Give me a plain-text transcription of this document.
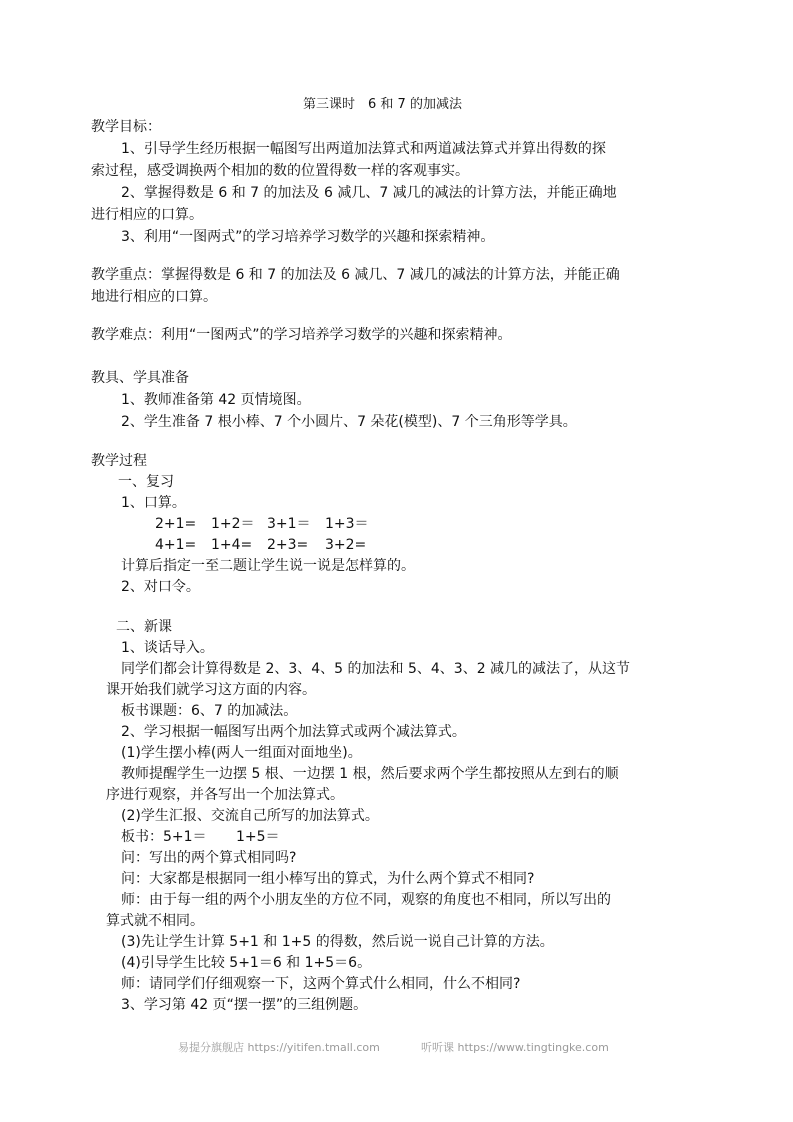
第三课时　6 和 7 的加减法
教学目标：
1、引导学生经历根据一幅图写出两道加法算式和两道减法算式并算出得数的探
索过程，感受调换两个相加的数的位置得数一样的客观事实。
2、掌握得数是 6 和 7 的加法及 6 减几、7 减几的减法的计算方法，并能正确地
进行相应的口算。
3、利用“一图两式”的学习培养学习数学的兴趣和探索精神。
教学重点：掌握得数是 6 和 7 的加法及 6 减几、7 减几的减法的计算方法，并能正确
地进行相应的口算。
教学难点：利用“一图两式”的学习培养学习数学的兴趣和探索精神。
教具、学具准备
1、教师准备第 42 页情境图。
2、学生准备 7 根小棒、7 个小圆片、7 朵花(模型)、7 个三角形等学具。
教学过程
一、复习
1、口算。
2+1= 1+2＝ 3+1＝ 1+3＝
4+1= 1+4= 2+3= 3+2=
计算后指定一至二题让学生说一说是怎样算的。
2、对口令。
二、新课
1、谈话导入。
同学们都会计算得数是 2、3、4、5 的加法和 5、4、3、2 减几的减法了，从这节
课开始我们就学习这方面的内容。
板书课题：6、7 的加减法。
2、学习根据一幅图写出两个加法算式或两个减法算式。
(1)学生摆小棒(两人一组面对面地坐)。
教师提醒学生一边摆 5 根、一边摆 1 根，然后要求两个学生都按照从左到右的顺
序进行观察，并各写出一个加法算式。
(2)学生汇报、交流自己所写的加法算式。
板书：5+1＝ 1+5＝
问：写出的两个算式相同吗?
问：大家都是根据同一组小棒写出的算式，为什么两个算式不相同?
师：由于每一组的两个小朋友坐的方位不同，观察的角度也不相同，所以写出的
算式就不相同。
(3)先让学生计算 5+1 和 1+5 的得数，然后说一说自己计算的方法。
(4)引导学生比较 5+1＝6 和 1+5＝6。
师：请同学们仔细观察一下，这两个算式什么相同，什么不相同?
3、学习第 42 页“摆一摆”的三组例题。
易提分旗舰店 https://yitifen.tmall.com	听听课 https://www.tingtingke.com
